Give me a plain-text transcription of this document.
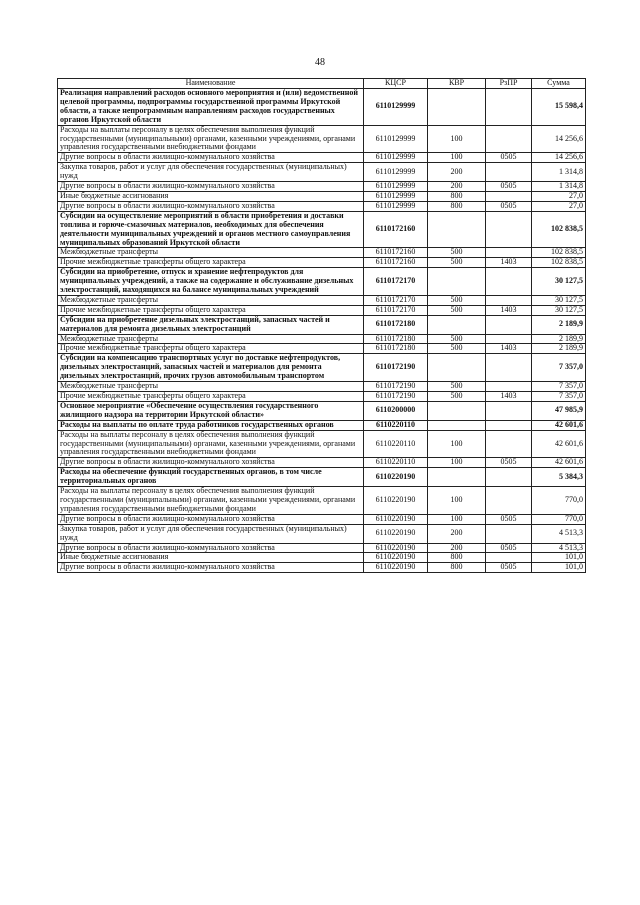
48
Наименование	КЦСР	КВР	РзПР	Сумма
Реализация направлений расходов основного мероприятия и (или) ведомственной целевой программы, подпрограммы государственной программы Иркутской области, а также непрограммным направлениям расходов государственных органов Иркутской области	6110129999			15 598,4
Расходы на выплаты персоналу в целях обеспечения выполнения функций государственными (муниципальными) органами, казенными учреждениями, органами управления государственными внебюджетными фондами	6110129999	100		14 256,6
Другие вопросы в области жилищно-коммунального хозяйства	6110129999	100	0505	14 256,6
Закупка товаров, работ и услуг для обеспечения государственных (муниципальных) нужд	6110129999	200		1 314,8
Другие вопросы в области жилищно-коммунального хозяйства	6110129999	200	0505	1 314,8
Иные бюджетные ассигнования	6110129999	800		27,0
Другие вопросы в области жилищно-коммунального хозяйства	6110129999	800	0505	27,0
Субсидии на осуществление мероприятий в области приобретения и доставки топлива и горюче-смазочных материалов, необходимых для обеспечения деятельности муниципальных учреждений и органов местного самоуправления муниципальных образований Иркутской области	6110172160			102 838,5
Межбюджетные трансферты	6110172160	500		102 838,5
Прочие межбюджетные трансферты общего характера	6110172160	500	1403	102 838,5
Субсидии на приобретение, отпуск и хранение нефтепродуктов для муниципальных учреждений, а также на содержание и обслуживание дизельных электростанций, находящихся на балансе муниципальных учреждений	6110172170			30 127,5
Межбюджетные трансферты	6110172170	500		30 127,5
Прочие межбюджетные трансферты общего характера	6110172170	500	1403	30 127,5
Субсидии на приобретение дизельных электростанций, запасных частей и материалов для ремонта дизельных электростанций	6110172180			2 189,9
Межбюджетные трансферты	6110172180	500		2 189,9
Прочие межбюджетные трансферты общего характера	6110172180	500	1403	2 189,9
Субсидии на компенсацию транспортных услуг по доставке нефтепродуктов, дизельных электростанций, запасных частей и материалов для ремонта дизельных электростанций, прочих грузов автомобильным транспортом	6110172190			7 357,0
Межбюджетные трансферты	6110172190	500		7 357,0
Прочие межбюджетные трансферты общего характера	6110172190	500	1403	7 357,0
Основное мероприятие «Обеспечение осуществления государственного жилищного надзора на территории Иркутской области»	6110200000			47 985,9
Расходы на выплаты по оплате труда работников государственных органов	6110220110			42 601,6
Расходы на выплаты персоналу в целях обеспечения выполнения функций государственными (муниципальными) органами, казенными учреждениями, органами управления государственными внебюджетными фондами	6110220110	100		42 601,6
Другие вопросы в области жилищно-коммунального хозяйства	6110220110	100	0505	42 601,6
Расходы на обеспечение функций государственных органов, в том числе территориальных органов	6110220190			5 384,3
Расходы на выплаты персоналу в целях обеспечения выполнения функций государственными (муниципальными) органами, казенными учреждениями, органами управления государственными внебюджетными фондами	6110220190	100		770,0
Другие вопросы в области жилищно-коммунального хозяйства	6110220190	100	0505	770,0
Закупка товаров, работ и услуг для обеспечения государственных (муниципальных) нужд	6110220190	200		4 513,3
Другие вопросы в области жилищно-коммунального хозяйства	6110220190	200	0505	4 513,3
Иные бюджетные ассигнования	6110220190	800		101,0
Другие вопросы в области жилищно-коммунального хозяйства	6110220190	800	0505	101,0
